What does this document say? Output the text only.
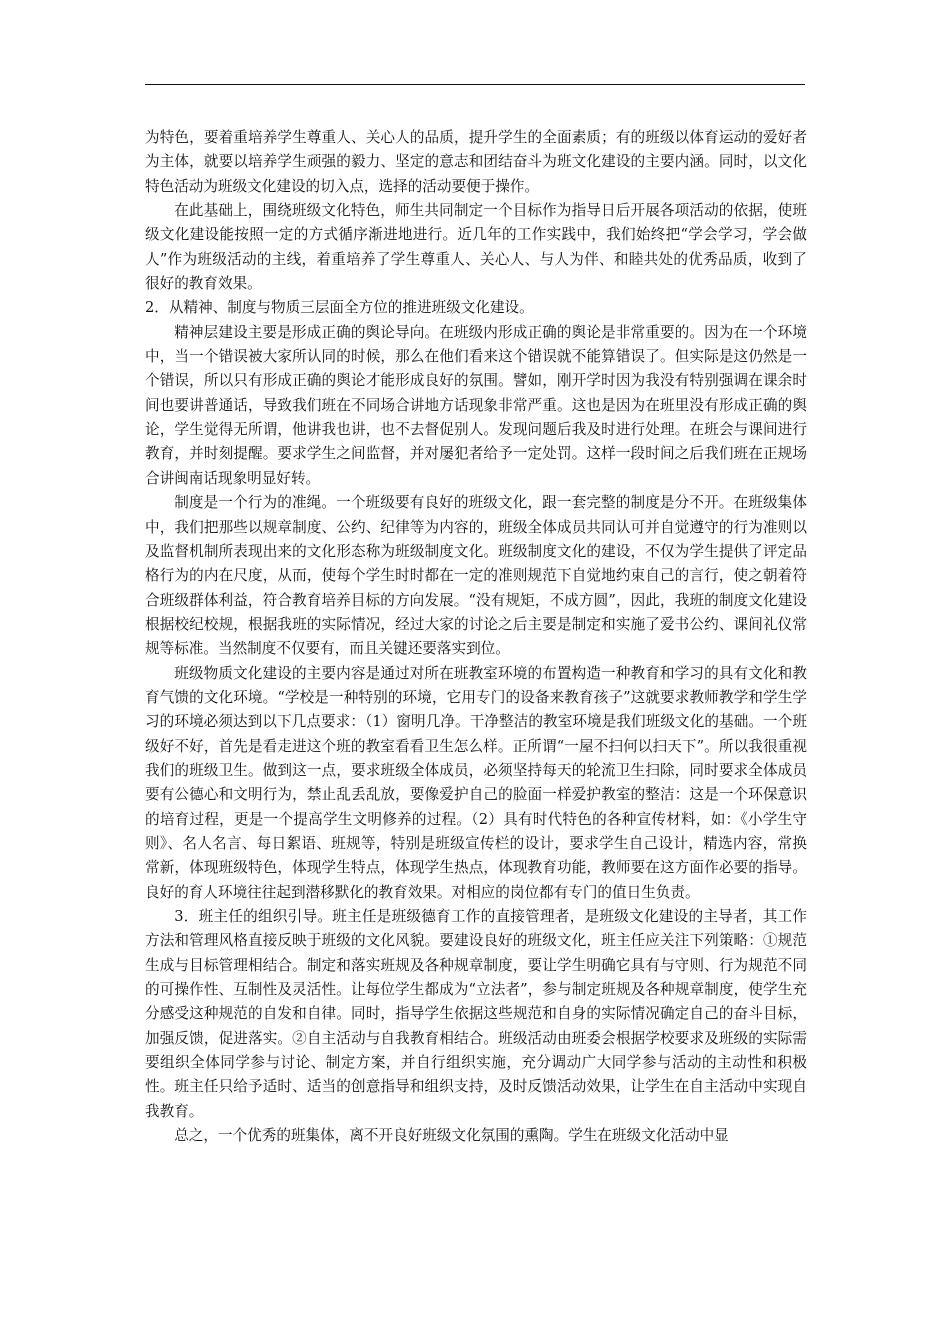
为特色，要着重培养学生尊重人、关心人的品质，提升学生的全面素质；有的班级以体育运动的爱好者为主体，就要以培养学生顽强的毅力、坚定的意志和团结奋斗为班文化建设的主要内涵。同时，以文化特色活动为班级文化建设的切入点，选择的活动要便于操作。

在此基础上，围绕班级文化特色，师生共同制定一个目标作为指导日后开展各项活动的依据，使班级文化建设能按照一定的方式循序渐进地进行。近几年的工作实践中，我们始终把“学会学习，学会做人”作为班级活动的主线，着重培养了学生尊重人、关心人、与人为伴、和睦共处的优秀品质，收到了很好的教育效果。

2．从精神、制度与物质三层面全方位的推进班级文化建设。

精神层建设主要是形成正确的舆论导向。在班级内形成正确的舆论是非常重要的。因为在一个环境中，当一个错误被大家所认同的时候，那么在他们看来这个错误就不能算错误了。但实际是这仍然是一个错误，所以只有形成正确的舆论才能形成良好的氛围。譬如，刚开学时因为我没有特别强调在课余时间也要讲普通话，导致我们班在不同场合讲地方话现象非常严重。这也是因为在班里没有形成正确的舆论，学生觉得无所谓，他讲我也讲，也不去督促别人。发现问题后我及时进行处理。在班会与课间进行教育，并时刻提醒。要求学生之间监督，并对屡犯者给予一定处罚。这样一段时间之后我们班在正规场合讲闽南话现象明显好转。

制度是一个行为的准绳。一个班级要有良好的班级文化，跟一套完整的制度是分不开。在班级集体中，我们把那些以规章制度、公约、纪律等为内容的，班级全体成员共同认可并自觉遵守的行为准则以及监督机制所表现出来的文化形态称为班级制度文化。班级制度文化的建设，不仅为学生提供了评定品格行为的内在尺度，从而，使每个学生时时都在一定的准则规范下自觉地约束自己的言行，使之朝着符合班级群体利益，符合教育培养目标的方向发展。“没有规矩，不成方圆”，因此，我班的制度文化建设根据校纪校规，根据我班的实际情况，经过大家的讨论之后主要是制定和实施了爱书公约、课间礼仪常规等标准。当然制度不仅要有，而且关键还要落实到位。

班级物质文化建设的主要内容是通过对所在班教室环境的布置构造一种教育和学习的具有文化和教育气馈的文化环境。“学校是一种特别的环境，它用专门的设备来教育孩子”这就要求教师教学和学生学习的环境必须达到以下几点要求：（1）窗明几净。干净整洁的教室环境是我们班级文化的基础。一个班级好不好，首先是看走进这个班的教室看看卫生怎么样。正所谓“一屋不扫何以扫天下”。所以我很重视我们的班级卫生。做到这一点，要求班级全体成员，必须坚持每天的轮流卫生扫除，同时要求全体成员要有公德心和文明行为，禁止乱丢乱放，要像爱护自己的脸面一样爱护教室的整洁：这是一个环保意识的培育过程，更是一个提高学生文明修养的过程。（2）具有时代特色的各种宣传材料，如：《小学生守则》、名人名言、每日絮语、班规等，特别是班级宣传栏的设计，要求学生自己设计，精选内容，常换常新，体现班级特色，体现学生特点，体现学生热点，体现教育功能，教师要在这方面作必要的指导。良好的育人环境往往起到潜移默化的教育效果。对相应的岗位都有专门的值日生负责。

3．班主任的组织引导。班主任是班级德育工作的直接管理者，是班级文化建设的主导者，其工作方法和管理风格直接反映于班级的文化风貌。要建设良好的班级文化，班主任应关注下列策略：①规范生成与目标管理相结合。制定和落实班规及各种规章制度，要让学生明确它具有与守则、行为规范不同的可操作性、互制性及灵活性。让每位学生都成为“立法者”，参与制定班规及各种规章制度，使学生充分感受这种规范的自发和自律。同时，指导学生依据这些规范和自身的实际情况确定自己的奋斗目标，加强反馈，促进落实。②自主活动与自我教育相结合。班级活动由班委会根据学校要求及班级的实际需要组织全体同学参与讨论、制定方案，并自行组织实施，充分调动广大同学参与活动的主动性和积极性。班主任只给予适时、适当的创意指导和组织支持，及时反馈活动效果，让学生在自主活动中实现自我教育。

总之，一个优秀的班集体，离不开良好班级文化氛围的熏陶。学生在班级文化活动中显
